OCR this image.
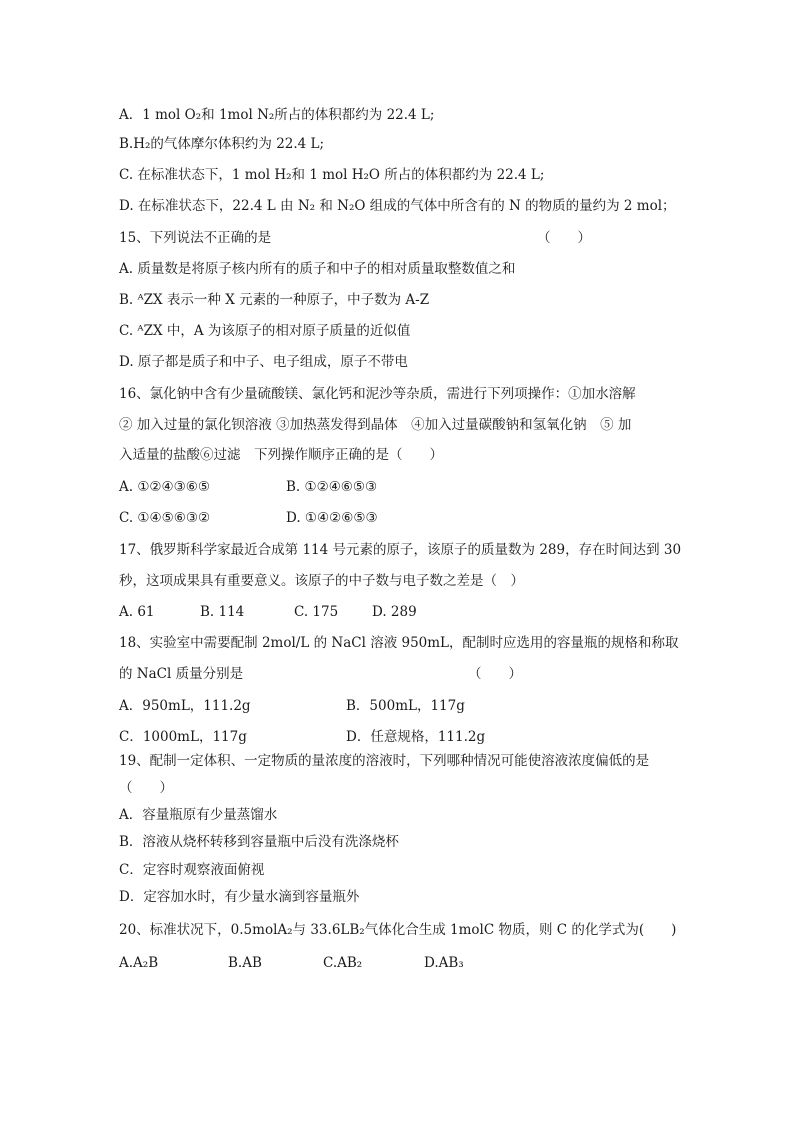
A．1 mol O₂和 1mol N₂所占的体积都约为 22.4 L;
B.H₂的气体摩尔体积约为 22.4 L;
C. 在标准状态下，1 mol H₂和 1 mol H₂O 所占的体积都约为 22.4 L;
D. 在标准状态下，22.4 L 由 N₂ 和 N₂O 组成的气体中所含有的 N 的物质的量约为 2 mol；
15、下列说法不正确的是	（　　）
A. 质量数是将原子核内所有的质子和中子的相对质量取整数值之和
B. ᴬZX 表示一种 X 元素的一种原子，中子数为 A-Z
C. ᴬZX 中，A 为该原子的相对原子质量的近似值
D. 原子都是质子和中子、电子组成，原子不带电
16、氯化钠中含有少量硫酸镁、氯化钙和泥沙等杂质，需进行下列项操作：①加水溶解
② 加入过量的氯化钡溶液 ③加热蒸发得到晶体　④加入过量碳酸钠和氢氧化钠　⑤ 加
入适量的盐酸⑥过滤　下列操作顺序正确的是（　　）
A. ①②④③⑥⑤	B. ①②④⑥⑤③
C. ①④⑤⑥③②	D. ①④②⑥⑤③
17、俄罗斯科学家最近合成第 114 号元素的原子，该原子的质量数为 289，存在时间达到 30
秒，这项成果具有重要意义。该原子的中子数与电子数之差是（　）
A. 61	B. 114	C. 175	D. 289
18、实验室中需要配制 2mol/L 的 NaCl 溶液 950mL，配制时应选用的容量瓶的规格和称取
的 NaCl 质量分别是	（　　）
A．950mL，111.2g	B．500mL，117g
C．1000mL，117g	D．任意规格，111.2g
19、配制一定体积、一定物质的量浓度的溶液时，下列哪种情况可能使溶液浓度偏低的是
（　　）
A．容量瓶原有少量蒸馏水
B．溶液从烧杯转移到容量瓶中后没有洗涤烧杯
C．定容时观察液面俯视
D．定容加水时，有少量水滴到容量瓶外
20、标准状况下，0.5molA₂与 33.6LB₂气体化合生成 1molC 物质，则 C 的化学式为(　　)
A.A₂B	B.AB	C.AB₂	D.AB₃
